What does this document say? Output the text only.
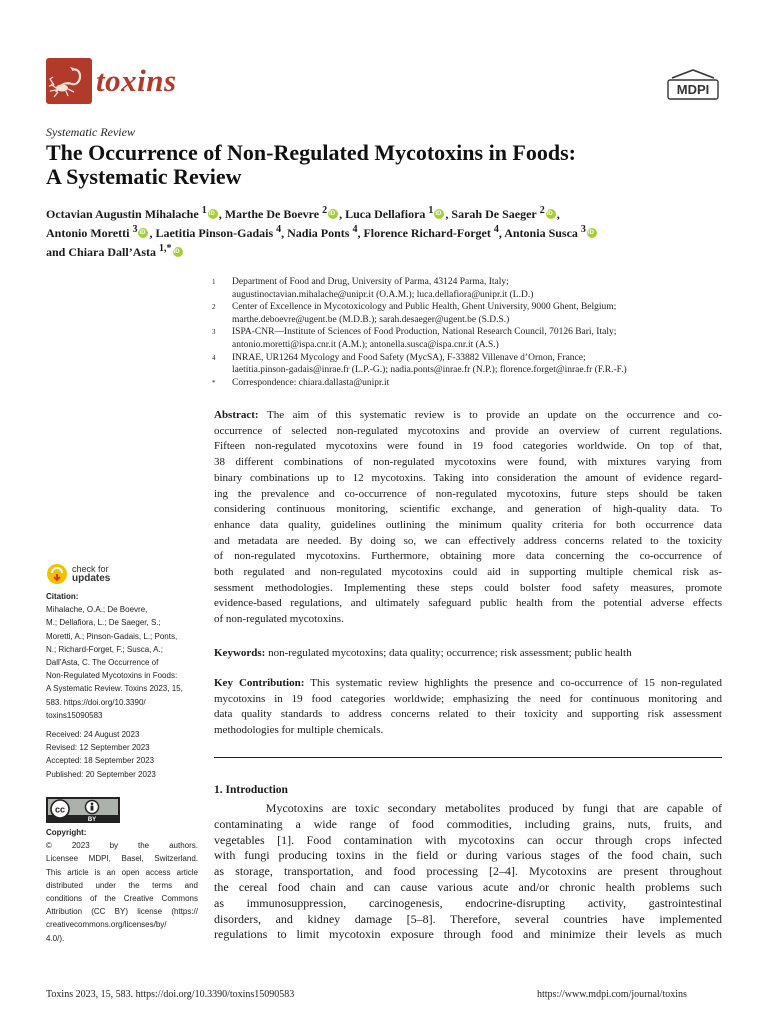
toxins	MDPI
Systematic Review
The Occurrence of Non-Regulated Mycotoxins in Foods:
A Systematic Review
Octavian Augustin Mihalache $^1$ iD , Marthe De Boevre $^2$ iD , Luca Dellafiora $^1$ iD , Sarah De Saeger $^2$ iD ,
Antonio Moretti $^3$ iD , Laetitia Pinson-Gadais $^4$, Nadia Ponts $^4$, Florence Richard-Forget $^4$, Antonia Susca $^3$iD
and Chiara Dall’Asta $^{1,*}$iD
1	Department of Food and Drug, University of Parma, 43124 Parma, Italy;
augustinoctavian.mihalache@unipr.it (O.A.M.); luca.dellafiora@unipr.it (L.D.)
2	Center of Excellence in Mycotoxicology and Public Health, Ghent University, 9000 Ghent, Belgium;
marthe.deboevre@ugent.be (M.D.B.); sarah.desaeger@ugent.be (S.D.S.)
3	ISPA-CNR—Institute of Sciences of Food Production, National Research Council, 70126 Bari, Italy;
antonio.moretti@ispa.cnr.it (A.M.); antonella.susca@ispa.cnr.it (A.S.)
4	INRAE, UR1264 Mycology and Food Safety (MycSA), F-33882 Villenave d’Ornon, France;
laetitia.pinson-gadais@inrae.fr (L.P.-G.); nadia.ponts@inrae.fr (N.P.); florence.forget@inrae.fr (F.R.-F.)
*	Correspondence: chiara.dallasta@unipr.it
Abstract: The aim of this systematic review is to provide an update on the occurrence and co-
occurrence of selected non-regulated mycotoxins and provide an overview of current regulations.
Fifteen non-regulated mycotoxins were found in 19 food categories worldwide. On top of that,
38 different combinations of non-regulated mycotoxins were found, with mixtures varying from
binary combinations up to 12 mycotoxins. Taking into consideration the amount of evidence regard-
ing the prevalence and co-occurrence of non-regulated mycotoxins, future steps should be taken
considering continuous monitoring, scientific exchange, and generation of high-quality data. To
enhance data quality, guidelines outlining the minimum quality criteria for both occurrence data
and metadata are needed. By doing so, we can effectively address concerns related to the toxicity
of non-regulated mycotoxins. Furthermore, obtaining more data concerning the co-occurrence of
both regulated and non-regulated mycotoxins could aid in supporting multiple chemical risk as-
sessment methodologies. Implementing these steps could bolster food safety measures, promote
evidence-based regulations, and ultimately safeguard public health from the potential adverse effects
of non-regulated mycotoxins.
Keywords: non-regulated mycotoxins; data quality; occurrence; risk assessment; public health
Key Contribution: This systematic review highlights the presence and co-occurrence of 15 non-regulated
mycotoxins in 19 food categories worldwide; emphasizing the need for continuous monitoring and
data quality standards to address concerns related to their toxicity and supporting risk assessment
methodologies for multiple chemicals.
1. Introduction
Mycotoxins are toxic secondary metabolites produced by fungi that are capable of
contaminating a wide range of food commodities, including grains, nuts, fruits, and
vegetables [1]. Food contamination with mycotoxins can occur through crops infected
with fungi producing toxins in the field or during various stages of the food chain, such
as storage, transportation, and food processing [2–4]. Mycotoxins are present throughout
the cereal food chain and can cause various acute and/or chronic health problems such
as immunosuppression, carcinogenesis, endocrine-disrupting activity, gastrointestinal
disorders, and kidney damage [5–8]. Therefore, several countries have implemented
regulations to limit mycotoxin exposure through food and minimize their levels as much
check for
updates
Citation:
Mihalache, O.A.; De Boevre,
M.; Dellafiora, L.; De Saeger, S.;
Moretti, A.; Pinson-Gadais, L.; Ponts,
N.; Richard-Forget, F.; Susca, A.;
Dall’Asta, C. The Occurrence of
Non-Regulated Mycotoxins in Foods:
A Systematic Review. Toxins 2023, 15,
583. https://doi.org/10.3390/
toxins15090583
Received: 24 August 2023
Revised: 12 September 2023
Accepted: 18 September 2023
Published: 20 September 2023
cc
BY
Copyright:
© 2023 by the authors.
Licensee MDPI, Basel, Switzerland.
This article is an open access article
distributed under the terms and
conditions of the Creative Commons
Attribution (CC BY) license (https://
creativecommons.org/licenses/by/
4.0/).
Toxins 2023, 15, 583. https://doi.org/10.3390/toxins15090583	https://www.mdpi.com/journal/toxins
